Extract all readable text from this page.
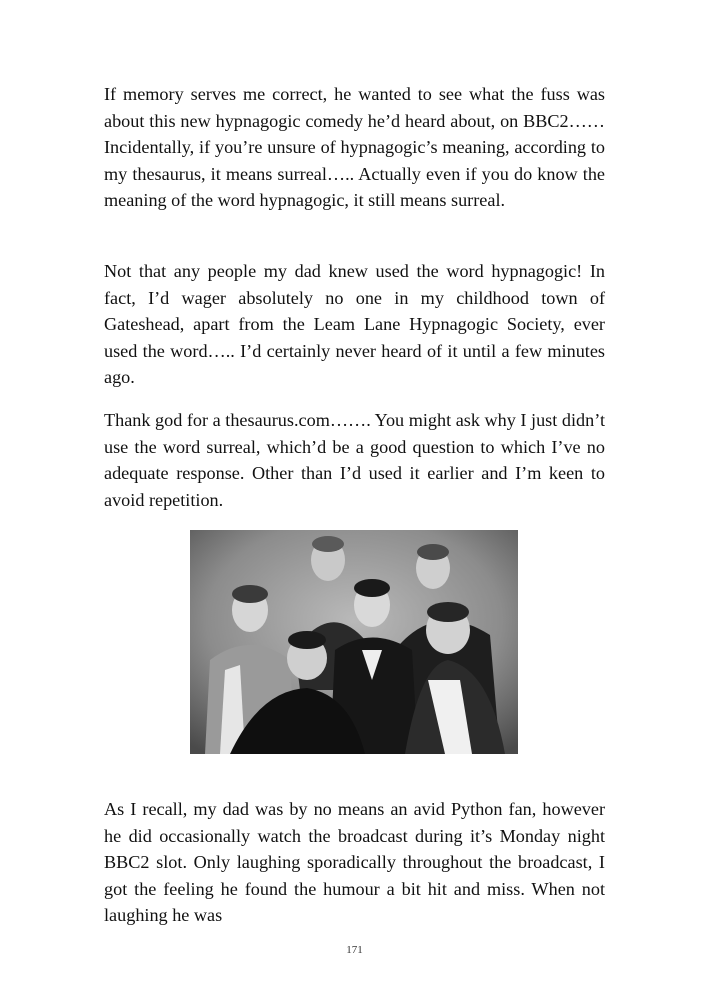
If memory serves me correct, he wanted to see what the fuss was about this new hypnagogic comedy he’d heard about, on BBC2…… Incidentally, if you’re unsure of hypnagogic’s meaning, according to my thesaurus, it means surreal….. Actually even if you do know the meaning of the word hypnagogic, it still means surreal.

Not that any people my dad knew used the word hypnagogic! In fact, I’d wager absolutely no one in my childhood town of Gateshead, apart from the Leam Lane Hypnagogic Society, ever used the word….. I’d certainly never heard of it until a few minutes ago.

Thank god for a thesaurus.com……. You might ask why I just didn’t use the word surreal, which’d be a good question to which I’ve no adequate response. Other than I’d used it earlier and I’m keen to avoid repetition.

As I recall, my dad was by no means an avid Python fan, however he did occasionally watch the broadcast during it’s Monday night BBC2 slot. Only laughing sporadically throughout the broadcast, I got the feeling he found the humour a bit hit and miss. When not laughing he was

171
